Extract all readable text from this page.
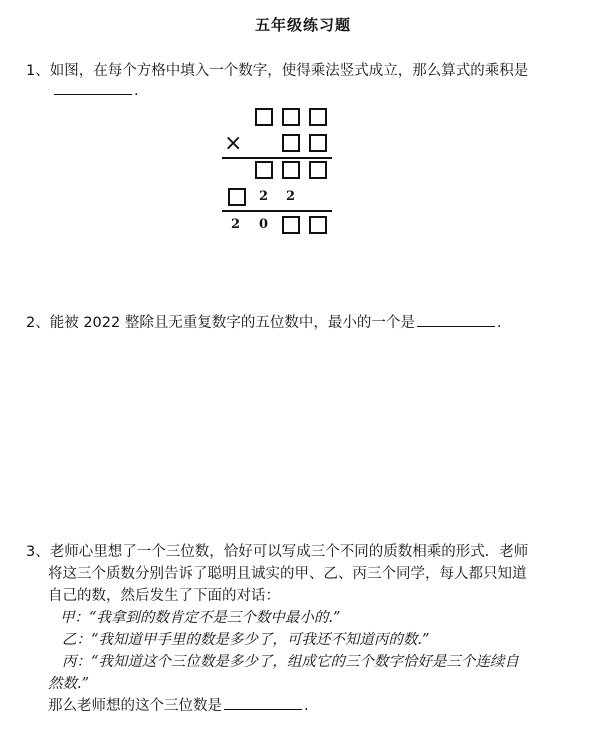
五年级练习题
1、如图，在每个方格中填入一个数字，使得乘法竖式成立，那么算式的乘积是
.
×
2 2
2 0
2、能被 2022 整除且无重复数字的五位数中，最小的一个是	.
3、老师心里想了一个三位数，恰好可以写成三个不同的质数相乘的形式．老师
将这三个质数分别告诉了聪明且诚实的甲、乙、丙三个同学，每人都只知道
自己的数，然后发生了下面的对话：
甲：“我拿到的数肯定不是三个数中最小的.”
乙：“我知道甲手里的数是多少了，可我还不知道丙的数.”
丙：“我知道这个三位数是多少了，组成它的三个数字恰好是三个连续自
然数.”
那么老师想的这个三位数是	.
